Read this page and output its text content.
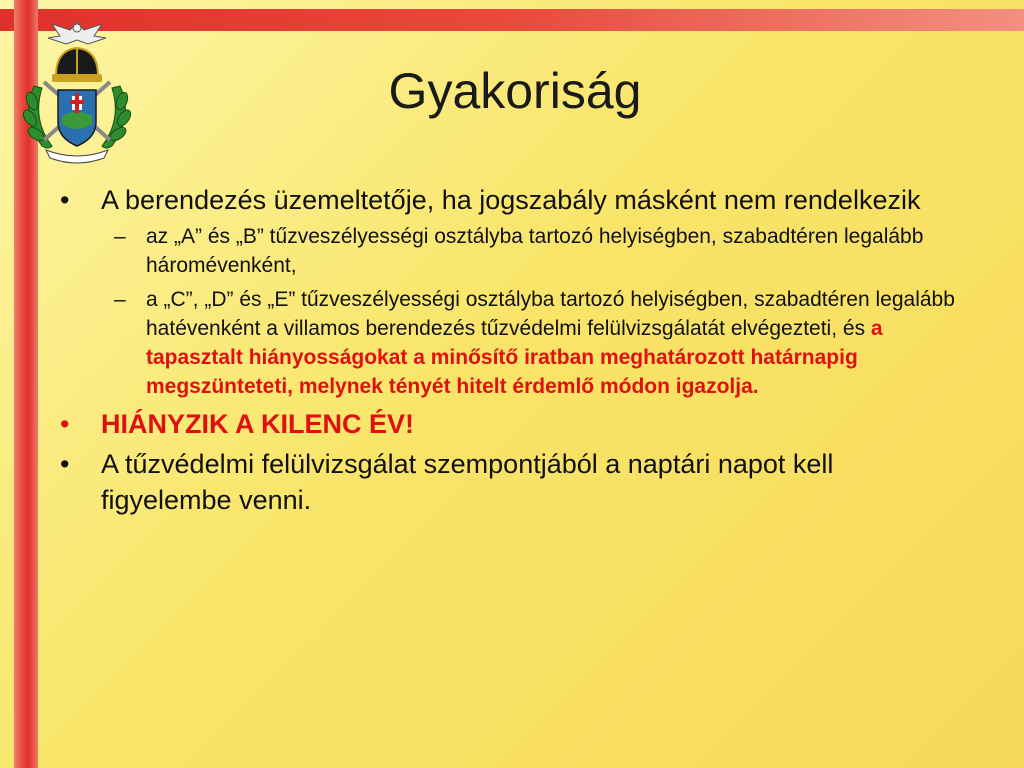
Gyakoriság
•	A berendezés üzemeltetője, ha jogszabály másként nem rendelkezik
– az „A” és „B” tűzveszélyességi osztályba tartozó helyiségben, szabadtéren legalább háromévenként,
– a „C”, „D” és „E” tűzveszélyességi osztályba tartozó helyiségben, szabadtéren legalább hatévenként a villamos berendezés tűzvédelmi felülvizsgálatát elvégezteti, és a tapasztalt hiányosságokat a minősítő iratban meghatározott határnapig megszünteteti, melynek tényét hitelt érdemlő módon igazolja.
•	HIÁNYZIK A KILENC ÉV!
•	A tűzvédelmi felülvizsgálat szempontjából a naptári napot kell figyelembe venni.
